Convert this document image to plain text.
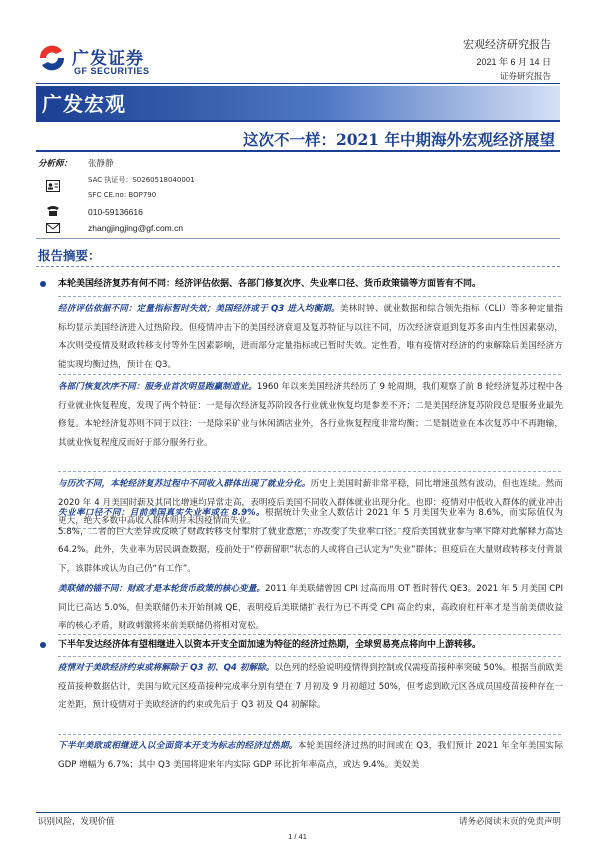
广发证券
GF SECURITIES
宏观经济研究报告
2021 年 6 月 14 日
证券研究报告
广发宏观
这次不一样：2021 年中期海外宏观经济展望
分析师： 张静静
SAC 执证号：S0260518040001
SFC CE.no: BOP790
010-59136616
zhangjingjing@gf.com.cn
报告摘要：
本轮美国经济复苏有何不同：经济评估依据、各部门修复次序、失业率口径、货币政策锚等方面皆有不同。
经济评估依据不同：定量指标暂时失效；美国经济或于 Q3 进入均衡期。美林时钟、就业数据和综合领先指标（CLI）等多种定量指标均显示美国经济进入过热阶段。但疫情冲击下的美国经济衰退及复苏特征与以往不同，历次经济衰退到复苏多由内生性因素驱动，本次则受疫情及财政转移支付等外生因素影响，进而部分定量指标或已暂时失效。定性看，唯有疫情对经济的约束解除后美国经济方能实现均衡过热，预计在 Q3。
各部门恢复次序不同：服务业首次明显跑赢制造业。1960 年以来美国经济共经历了 9 轮周期，我们观察了前 8 轮经济复苏过程中各行业就业恢复程度，发现了两个特征：一是每次经济复苏阶段各行业就业恢复均是参差不齐；二是美国经济复苏阶段总是服务业最先修复。本轮经济复苏则不同于以往：一是除采矿业与休闲酒店业外，各行业恢复程度非常均衡；二是制造业在本次复苏中不再跑输，其就业恢复程度反而好于部分服务行业。
与历次不同，本轮经济复苏过程中不同收入群体出现了就业分化。历史上美国时薪非常平稳，同比增速虽然有波动，但也连续。然而 2020 年 4 月美国时薪及其同比增速均异常走高，表明疫后美国不同收入群体就业出现分化。也即：疫情对中低收入群体的就业冲击更大，绝大多数中高收入群体则并未因疫情而失业。
失业率口径不同：目前美国真实失业率或在 8.9%。根据统计失业全人数估计 2021 年 5 月美国失业率为 8.6%，而实际值仅为 5.8%，二者的巨大差异或反映了财政转移支付掣肘了就业意愿，亦改变了失业率口径。疫后美国就业参与率下降对此解释力高达 64.2%。此外，失业率为居民调查数据，疫前处于“停薪留职”状态的人或将自己认定为“失业”群体；但疫后在大量财政转移支付背景下，该群体或认为自己仍“有工作”。
美联储的锚不同：财政才是本轮货币政策的核心变量。2011 年美联储曾因 CPI 过高而用 OT 暂时替代 QE3。2021 年 5 月美国 CPI 同比已高达 5.0%，但美联储仍未开始削减 QE，表明疫后美联储扩表行为已不再受 CPI 高企约束，高政府杠杆率才是当前美债收益率的核心矛盾，财政刺激将来前美联储仍将相对宽松。
下半年发达经济体有望相继进入以资本开支全面加速为特征的经济过热期，全球贸易亮点将向中上游转移。
疫情对于美欧经济约束或将解除于 Q3 初、Q4 初解除。以色列的经验说明疫情得到控制或仅需疫苗接种率突破 50%。根据当前欧美疫苗接种数据估计，美国与欧元区疫苗接种完成率分别有望在 7 月初及 9 月初超过 50%，但考虑到欧元区各成员国疫苗接种存在一定差距，预计疫情对于美欧经济的约束或先后于 Q3 初及 Q4 初解除。
下半年美欧或相继进入以全面资本开支为标志的经济过热期。本轮美国经济过热的时间或在 Q3，我们预计 2021 年全年美国实际 GDP 增幅为 6.7%；其中 Q3 美国将迎来年内实际 GDP 环比折年率高点，或达 9.4%。美奴美
识别风险，发现价值	请务必阅读末页的免责声明
1 / 41
